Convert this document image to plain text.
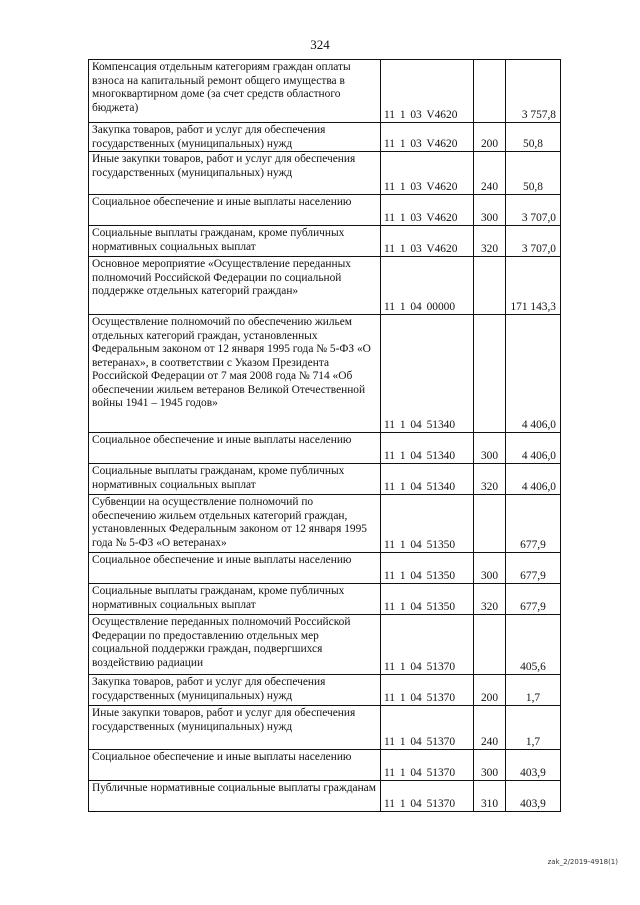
324
Компенсация отдельным категориям граждан оплаты взноса на капитальный ремонт общего имущества в многоквартирном доме (за счет средств областного бюджета)	11 1 03 V4620		3 757,8
Закупка товаров, работ и услуг для обеспечения государственных (муниципальных) нужд	11 1 03 V4620	200	50,8
Иные закупки товаров, работ и услуг для обеспечения государственных (муниципальных) нужд	11 1 03 V4620	240	50,8
Социальное обеспечение и иные выплаты населению	11 1 03 V4620	300	3 707,0
Социальные выплаты гражданам, кроме публичных нормативных социальных выплат	11 1 03 V4620	320	3 707,0
Основное мероприятие «Осуществление переданных полномочий Российской Федерации по социальной поддержке отдельных категорий граждан»	11 1 04 00000		171 143,3
Осуществление полномочий по обеспечению жильем отдельных категорий граждан, установленных Федеральным законом от 12 января 1995 года № 5-ФЗ «О ветеранах», в соответствии с Указом Президента Российской Федерации от 7 мая 2008 года № 714 «Об обеспечении жильем ветеранов Великой Отечественной войны 1941 – 1945 годов»	11 1 04 51340		4 406,0
Социальное обеспечение и иные выплаты населению	11 1 04 51340	300	4 406,0
Социальные выплаты гражданам, кроме публичных нормативных социальных выплат	11 1 04 51340	320	4 406,0
Субвенции на осуществление полномочий по обеспечению жильем отдельных категорий граждан, установленных Федеральным законом от 12 января 1995 года № 5-ФЗ «О ветеранах»	11 1 04 51350		677,9
Социальное обеспечение и иные выплаты населению	11 1 04 51350	300	677,9
Социальные выплаты гражданам, кроме публичных нормативных социальных выплат	11 1 04 51350	320	677,9
Осуществление переданных полномочий Российской Федерации по предоставлению отдельных мер социальной поддержки граждан, подвергшихся воздействию радиации	11 1 04 51370		405,6
Закупка товаров, работ и услуг для обеспечения государственных (муниципальных) нужд	11 1 04 51370	200	1,7
Иные закупки товаров, работ и услуг для обеспечения государственных (муниципальных) нужд	11 1 04 51370	240	1,7
Социальное обеспечение и иные выплаты населению	11 1 04 51370	300	403,9
Публичные нормативные социальные выплаты гражданам	11 1 04 51370	310	403,9
zak_2/2019-4918(1)
